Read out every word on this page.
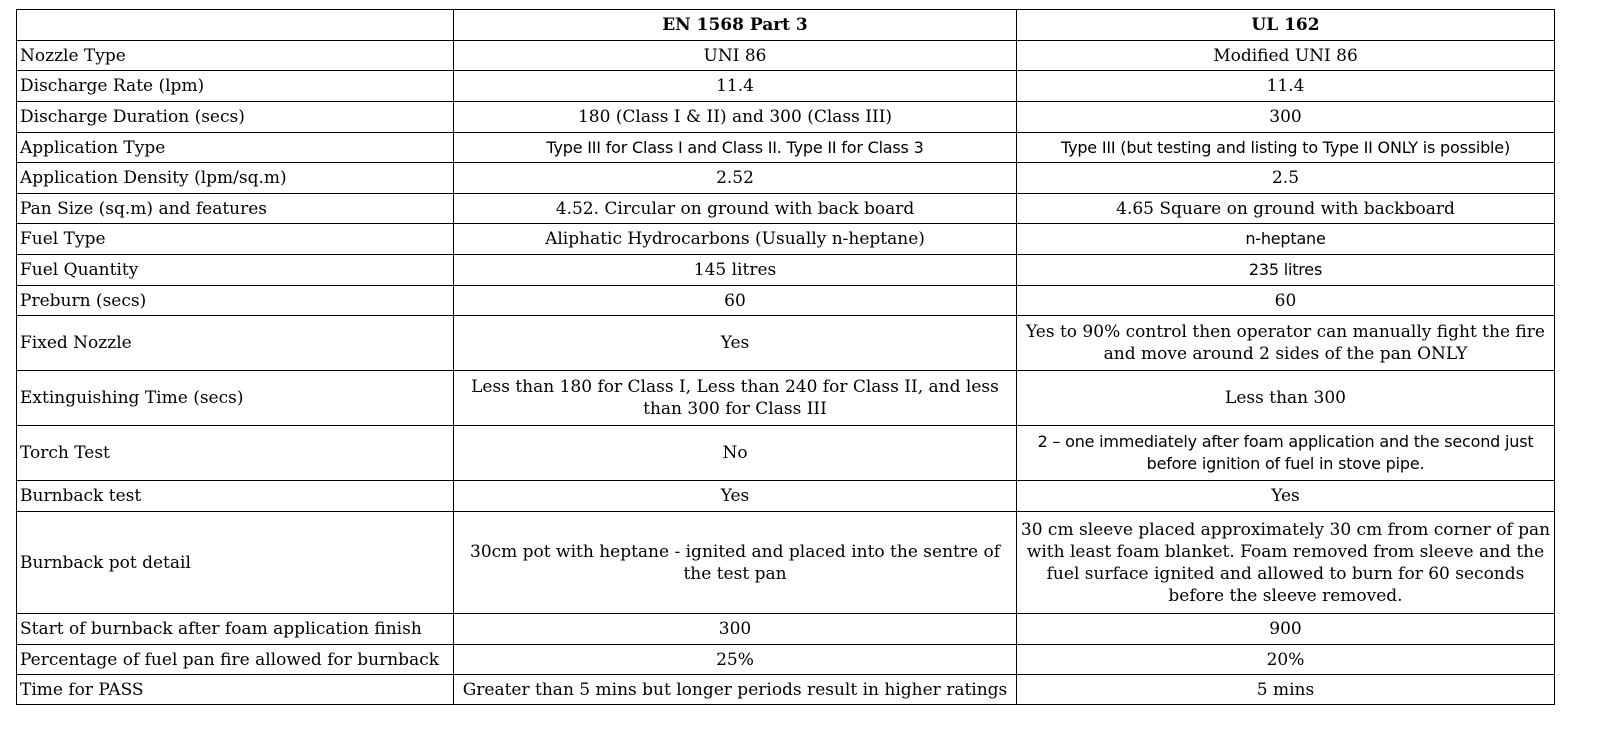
	EN 1568 Part 3	UL 162
Nozzle Type	UNI 86	Modified UNI 86
Discharge Rate (lpm)	11.4	11.4
Discharge Duration (secs)	180 (Class I & II) and 300 (Class III)	300
Application Type	Type III for Class I and Class II. Type II for Class 3	Type III (but testing and listing to Type II ONLY is possible)
Application Density (lpm/sq.m)	2.52	2.5
Pan Size (sq.m) and features	4.52. Circular on ground with back board	4.65 Square on ground with backboard
Fuel Type	Aliphatic Hydrocarbons (Usually n-heptane)	n-heptane
Fuel Quantity	145 litres	235 litres
Preburn (secs)	60	60
Fixed Nozzle	Yes	Yes to 90% control then operator can manually fight the fire and move around 2 sides of the pan ONLY
Extinguishing Time (secs)	Less than 180 for Class I, Less than 240 for Class II, and less than 300 for Class III	Less than 300
Torch Test	No	2 – one immediately after foam application and the second just before ignition of fuel in stove pipe.
Burnback test	Yes	Yes
Burnback pot detail	30cm pot with heptane - ignited and placed into the sentre of the test pan	30 cm sleeve placed approximately 30 cm from corner of pan with least foam blanket. Foam removed from sleeve and the fuel surface ignited and allowed to burn for 60 seconds before the sleeve removed.
Start of burnback after foam application finish	300	900
Percentage of fuel pan fire allowed for burnback	25%	20%
Time for PASS	Greater than 5 mins but longer periods result in higher ratings	5 mins
